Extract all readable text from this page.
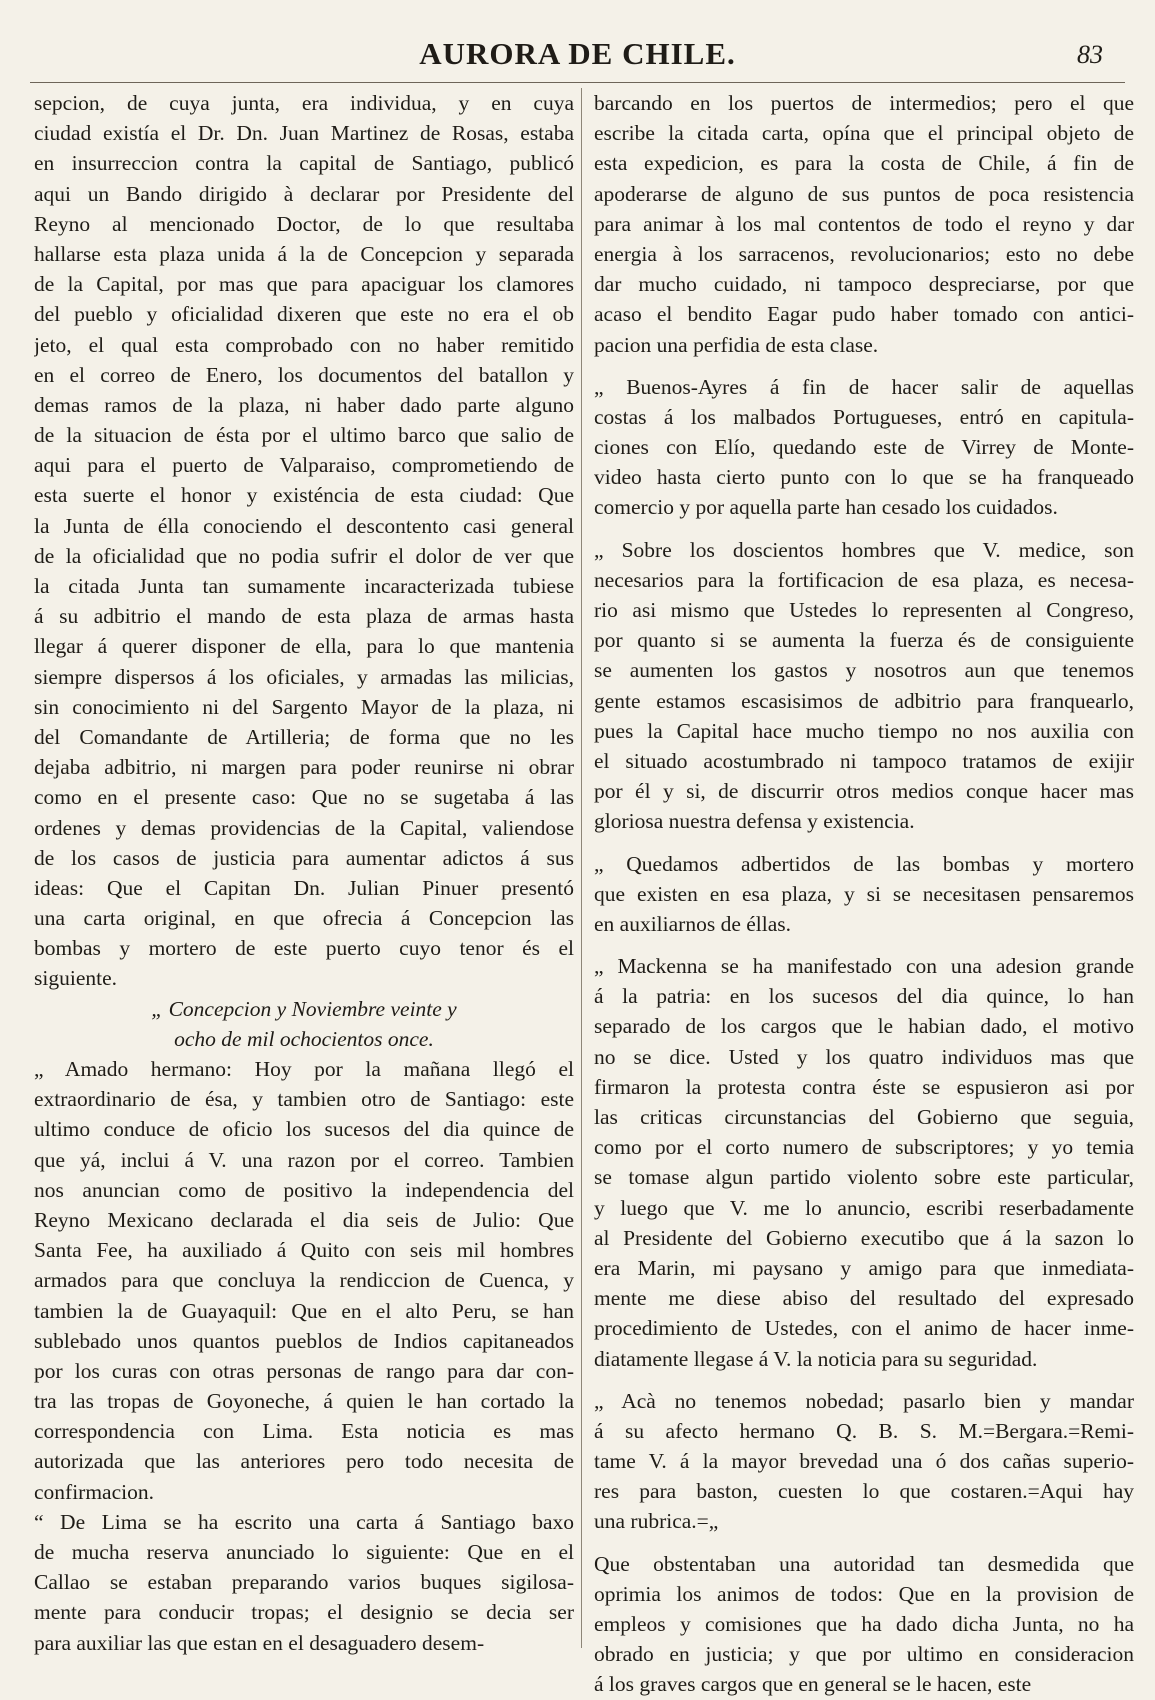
AURORA DE CHILE.	83
sepcion, de cuya junta, era individua, y en cuya
ciudad existía el Dr. Dn. Juan Martinez de Rosas, estaba
en insurreccion contra la capital de Santiago, publicó
aqui un Bando dirigido à declarar por Presidente del
Reyno al mencionado Doctor, de lo que resultaba
hallarse esta plaza unida á la de Concepcion y separada
de la Capital, por mas que para apaciguar los clamores
del pueblo y oficialidad dixeren que este no era el ob
jeto, el qual esta comprobado con no haber remitido
en el correo de Enero, los documentos del batallon y
demas ramos de la plaza, ni haber dado parte alguno
de la situacion de ésta por el ultimo barco que salio de
aqui para el puerto de Valparaiso, comprometiendo de
esta suerte el honor y existéncia de esta ciudad: Que
la Junta de élla conociendo el descontento casi general
de la oficialidad que no podia sufrir el dolor de ver que
la citada Junta tan sumamente incaracterizada tubiese
á su adbitrio el mando de esta plaza de armas hasta
llegar á querer disponer de ella, para lo que mantenia
siempre dispersos á los oficiales, y armadas las milicias,
sin conocimiento ni del Sargento Mayor de la plaza, ni
del Comandante de Artilleria; de forma que no les
dejaba adbitrio, ni margen para poder reunirse ni obrar
como en el presente caso: Que no se sugetaba á las
ordenes y demas providencias de la Capital, valiendose
de los casos de justicia para aumentar adictos á sus
ideas: Que el Capitan Dn. Julian Pinuer presentó
una carta original, en que ofrecia á Concepcion las
bombas y mortero de este puerto cuyo tenor és el
siguiente.
„ Concepcion y Noviembre veinte y
ocho de mil ochocientos once.
„ Amado hermano: Hoy por la mañana llegó el
extraordinario de ésa, y tambien otro de Santiago: este
ultimo conduce de oficio los sucesos del dia quince de
que yá, inclui á V. una razon por el correo. Tambien
nos anuncian como de positivo la independencia del
Reyno Mexicano declarada el dia seis de Julio: Que
Santa Fee, ha auxiliado á Quito con seis mil hombres
armados para que concluya la rendiccion de Cuenca, y
tambien la de Guayaquil: Que en el alto Peru, se han
sublebado unos quantos pueblos de Indios capitaneados
por los curas con otras personas de rango para dar con-
tra las tropas de Goyoneche, á quien le han cortado la
correspondencia con Lima. Esta noticia es mas
autorizada que las anteriores pero todo necesita de
confirmacion.
“ De Lima se ha escrito una carta á Santiago baxo
de mucha reserva anunciado lo siguiente: Que en el
Callao se estaban preparando varios buques sigilosa-
mente para conducir tropas; el designio se decia ser
para auxiliar las que estan en el desaguadero desem-
barcando en los puertos de intermedios; pero el que
escribe la citada carta, opína que el principal objeto de
esta expedicion, es para la costa de Chile, á fin de
apoderarse de alguno de sus puntos de poca resistencia
para animar à los mal contentos de todo el reyno y dar
energia à los sarracenos, revolucionarios; esto no debe
dar mucho cuidado, ni tampoco despreciarse, por que
acaso el bendito Eagar pudo haber tomado con antici-
pacion una perfidia de esta clase.
„ Buenos-Ayres á fin de hacer salir de aquellas
costas á los malbados Portugueses, entró en capitula-
ciones con Elío, quedando este de Virrey de Monte-
video hasta cierto punto con lo que se ha franqueado
comercio y por aquella parte han cesado los cuidados.
„ Sobre los doscientos hombres que V. medice, son
necesarios para la fortificacion de esa plaza, es necesa-
rio asi mismo que Ustedes lo representen al Congreso,
por quanto si se aumenta la fuerza és de consiguiente
se aumenten los gastos y nosotros aun que tenemos
gente estamos escasisimos de adbitrio para franquearlo,
pues la Capital hace mucho tiempo no nos auxilia con
el situado acostumbrado ni tampoco tratamos de exijir
por él y si, de discurrir otros medios conque hacer mas
gloriosa nuestra defensa y existencia.
„ Quedamos adbertidos de las bombas y mortero
que existen en esa plaza, y si se necesitasen pensaremos
en auxiliarnos de éllas.
„ Mackenna se ha manifestado con una adesion grande
á la patria: en los sucesos del dia quince, lo han
separado de los cargos que le habian dado, el motivo
no se dice. Usted y los quatro individuos mas que
firmaron la protesta contra éste se espusieron asi por
las criticas circunstancias del Gobierno que seguia,
como por el corto numero de subscriptores; y yo temia
se tomase algun partido violento sobre este particular,
y luego que V. me lo anuncio, escribi reserbadamente
al Presidente del Gobierno executibo que á la sazon lo
era Marin, mi paysano y amigo para que inmediata-
mente me diese abiso del resultado del expresado
procedimiento de Ustedes, con el animo de hacer inme-
diatamente llegase á V. la noticia para su seguridad.
„ Acà no tenemos nobedad; pasarlo bien y mandar
á su afecto hermano Q. B. S. M.=Bergara.=Remi-
tame V. á la mayor brevedad una ó dos cañas superio-
res para baston, cuesten lo que costaren.=Aqui hay
una rubrica.=„
Que obstentaban una autoridad tan desmedida que
oprimia los animos de todos: Que en la provision de
empleos y comisiones que ha dado dicha Junta, no ha
obrado en justicia; y que por ultimo en consideracion
á los graves cargos que en general se le hacen, este
